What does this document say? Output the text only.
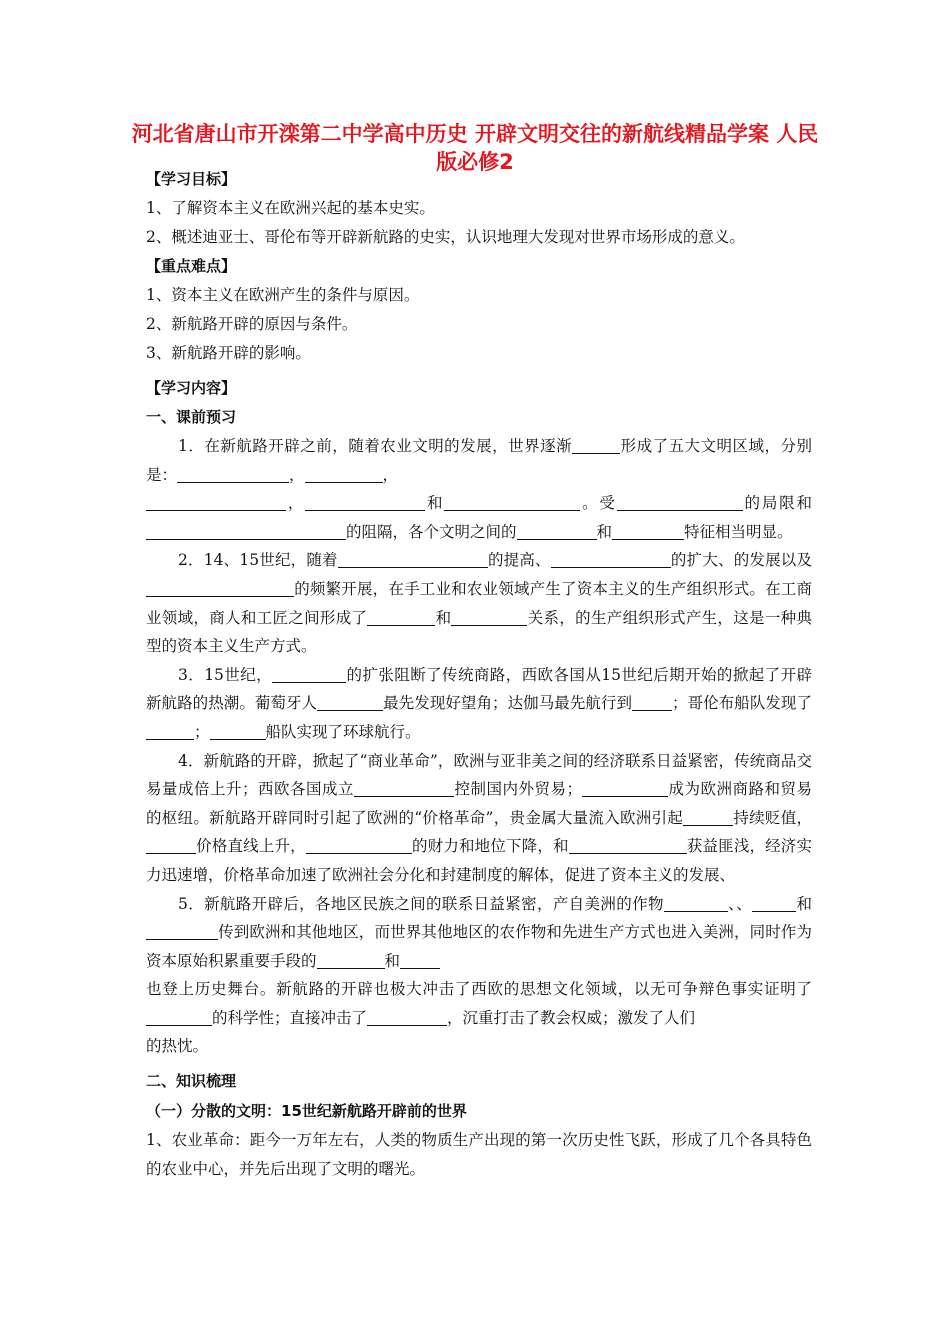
河北省唐山市开滦第二中学高中历史 开辟文明交往的新航线精品学案 人民版必修2
【学习目标】
1、了解资本主义在欧洲兴起的基本史实。
2、概述迪亚士、哥伦布等开辟新航路的史实，认识地理大发现对世界市场形成的意义。
【重点难点】
1、资本主义在欧洲产生的条件与原因。
2、新航路开辟的原因与条件。
3、新航路开辟的影响。
【学习内容】
一、课前预习

1．在新航路开辟之前，随着农业文明的发展，世界逐渐	形成了五大文明区域，分别是：	，	，
，	和	。受	的局限和的阻隔，各个文明之间的	和	特征相当明显。

2．14、15世纪，随着	的提高、	的扩大、的发展以及的频繁开展，在手工业和农业领域产生了资本主义的生产组织形式。在工商业领域，商人和工匠之间形成了	和	关系，的生产组织形式产生，这是一种典型的资本主义生产方式。

3．15世纪，	的扩张阻断了传统商路，西欧各国从15世纪后期开始的掀起了开辟新航路的热潮。葡萄牙人	最先发现好望角；达伽马最先航行到	；哥伦布船队发现了；	船队实现了环球航行。

4．新航路的开辟，掀起了“商业革命”，欧洲与亚非美之间的经济联系日益紧密，传统商品交易量成倍上升；西欧各国成立	控制国内外贸易；	成为欧洲商路和贸易的枢纽。新航路开辟同时引起了欧洲的“价格革命”，贵金属大量流入欧洲引起	持续贬值，价格直线上升，	的财力和地位下降，和	获益匪浅，经济实力迅速增，价格革命加速了欧洲社会分化和封建制度的解体，促进了资本主义的发展、

5．新航路开辟后，各地区民族之间的联系日益紧密，产自美洲的作物	、、	和传到欧洲和其他地区，而世界其他地区的农作物和先进生产方式也进入美洲，同时作为资本原始积累重要手段的	和
也登上历史舞台。新航路的开辟也极大冲击了西欧的思想文化领域，以无可争辩色事实证明了的科学性；直接冲击了	，沉重打击了教会权威；激发了人们
的热忱。

二、知识梳理
（一）分散的文明：15世纪新航路开辟前的世界

1、农业革命：距今一万年左右，人类的物质生产出现的第一次历史性飞跃，形成了几个各具特色的农业中心，并先后出现了文明的曙光。
